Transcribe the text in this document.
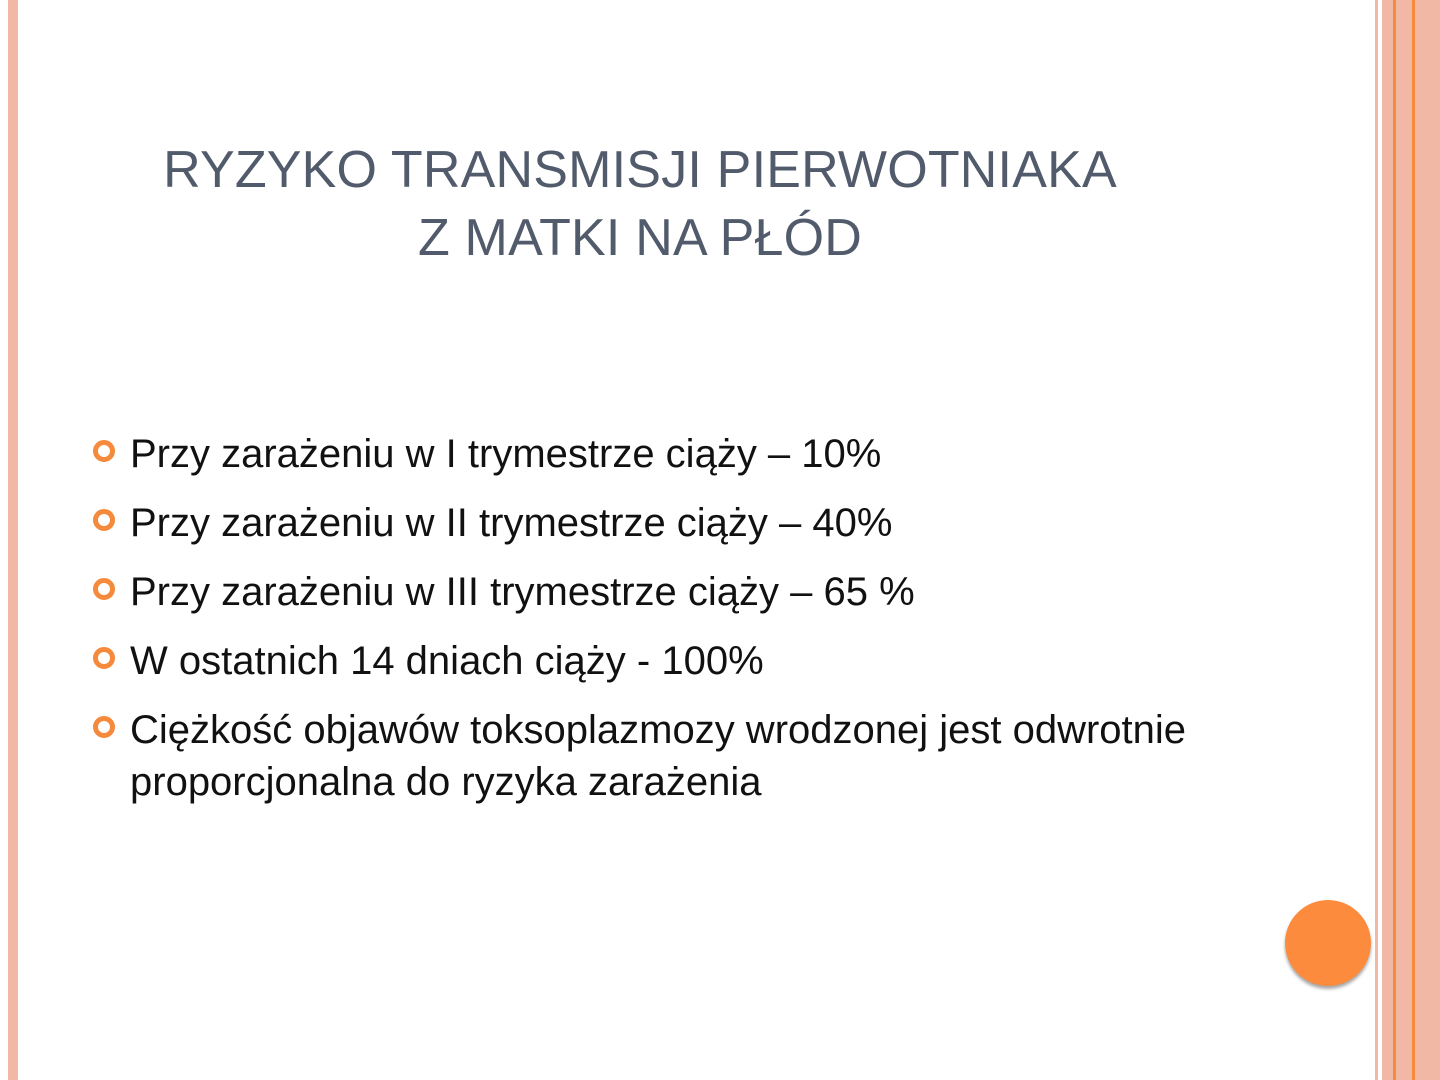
RYZYKO TRANSMISJI PIERWOTNIAKA
Z MATKI NA PŁÓD
Przy zarażeniu w I trymestrze ciąży – 10%
Przy zarażeniu w II trymestrze ciąży – 40%
Przy zarażeniu w III trymestrze ciąży – 65 %
W ostatnich 14 dniach ciąży - 100%
Ciężkość objawów toksoplazmozy wrodzonej jest odwrotnie proporcjonalna do ryzyka zarażenia
